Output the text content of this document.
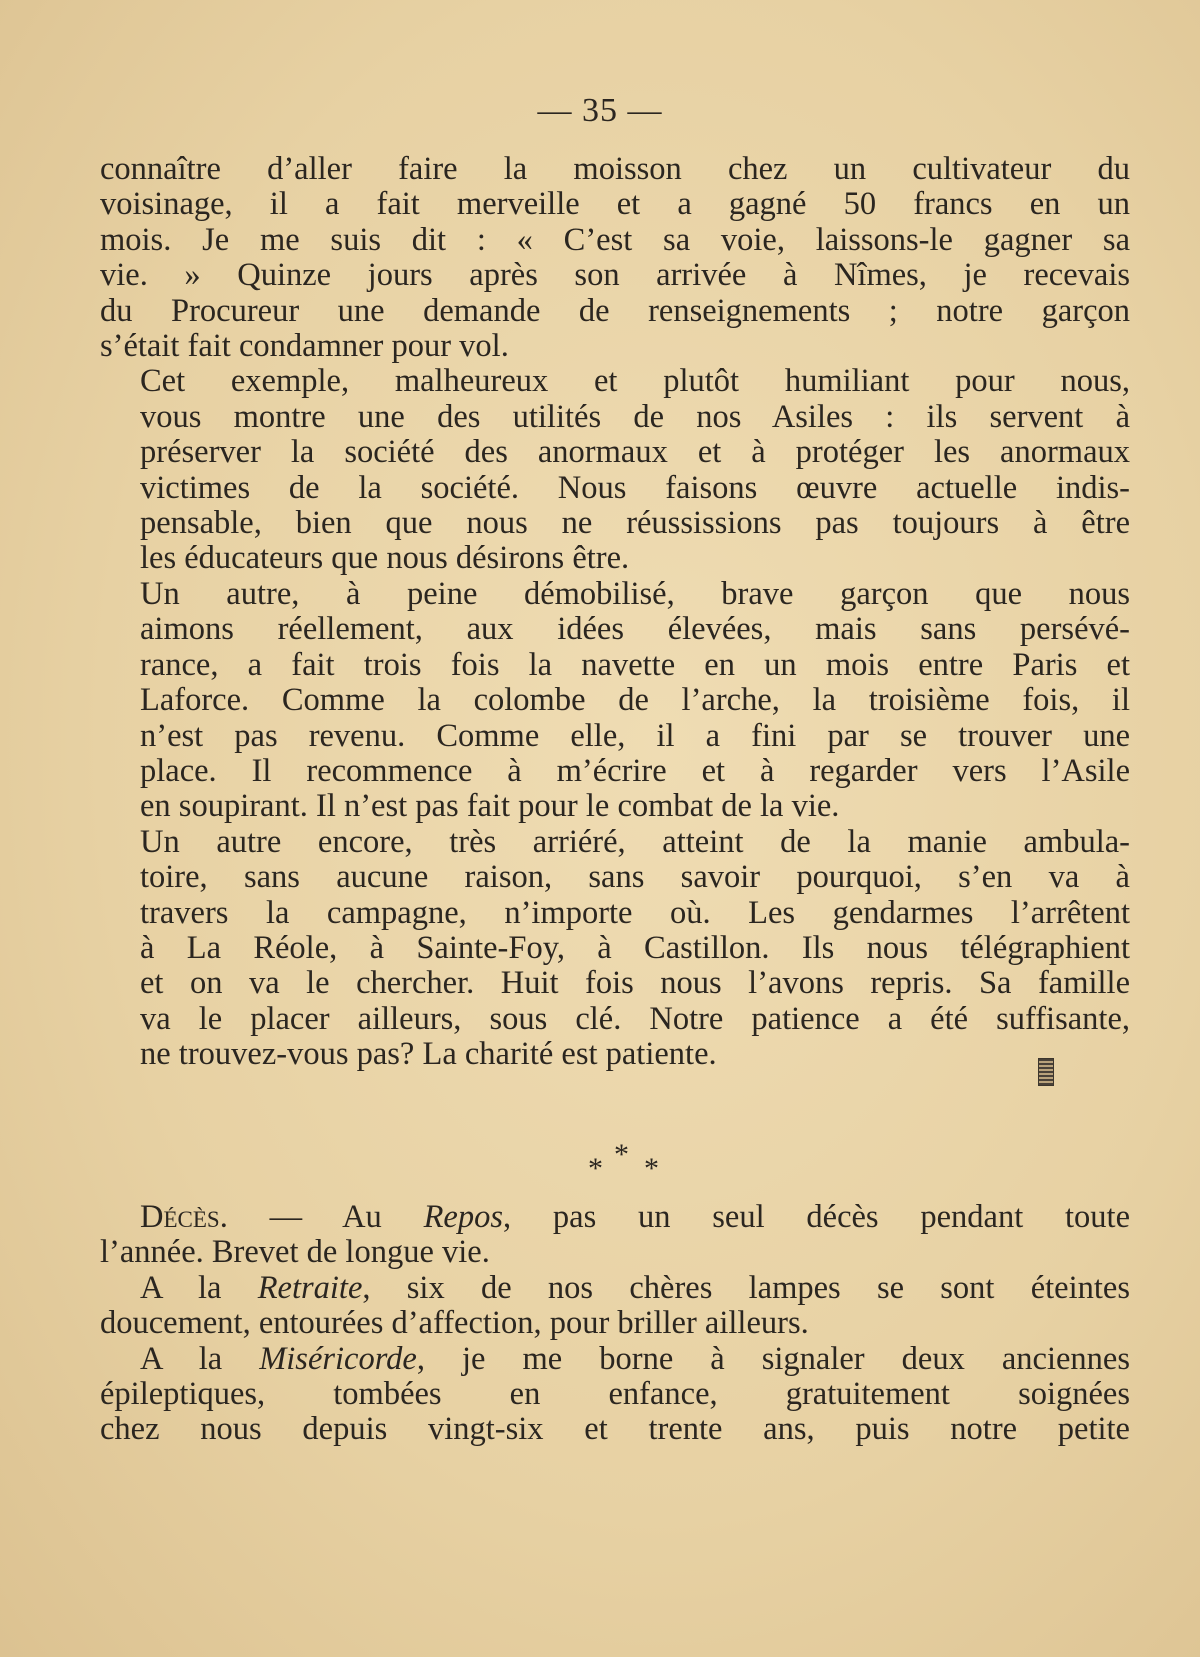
— 35 —

connaître d’aller faire la moisson chez un cultivateur du
voisinage, il a fait merveille et a gagné 50 francs en un
mois. Je me suis dit : « C’est sa voie, laissons-le gagner sa
vie. » Quinze jours après son arrivée à Nîmes, je recevais
du Procureur une demande de renseignements ; notre garçon
s’était fait condamner pour vol.

Cet exemple, malheureux et plutôt humiliant pour nous,
vous montre une des utilités de nos Asiles : ils servent à
préserver la société des anormaux et à protéger les anormaux
victimes de la société. Nous faisons œuvre actuelle indis-
pensable, bien que nous ne réussissions pas toujours à être
les éducateurs que nous désirons être.

Un autre, à peine démobilisé, brave garçon que nous
aimons réellement, aux idées élevées, mais sans persévé-
rance, a fait trois fois la navette en un mois entre Paris et
Laforce. Comme la colombe de l’arche, la troisième fois, il
n’est pas revenu. Comme elle, il a fini par se trouver une
place. Il recommence à m’écrire et à regarder vers l’Asile
en soupirant. Il n’est pas fait pour le combat de la vie.

Un autre encore, très arriéré, atteint de la manie ambula-
toire, sans aucune raison, sans savoir pourquoi, s’en va à
travers la campagne, n’importe où. Les gendarmes l’arrêtent
à La Réole, à Sainte-Foy, à Castillon. Ils nous télégraphient
et on va le chercher. Huit fois nous l’avons repris. Sa famille
va le placer ailleurs, sous clé. Notre patience a été suffisante,
ne trouvez-vous pas? La charité est patiente.

*
* *

Décès. — Au Repos, pas un seul décès pendant toute
l’année. Brevet de longue vie.

A la Retraite, six de nos chères lampes se sont éteintes
doucement, entourées d’affection, pour briller ailleurs.

A la Miséricorde, je me borne à signaler deux anciennes
épileptiques, tombées en enfance, gratuitement soignées
chez nous depuis vingt-six et trente ans, puis notre petite
